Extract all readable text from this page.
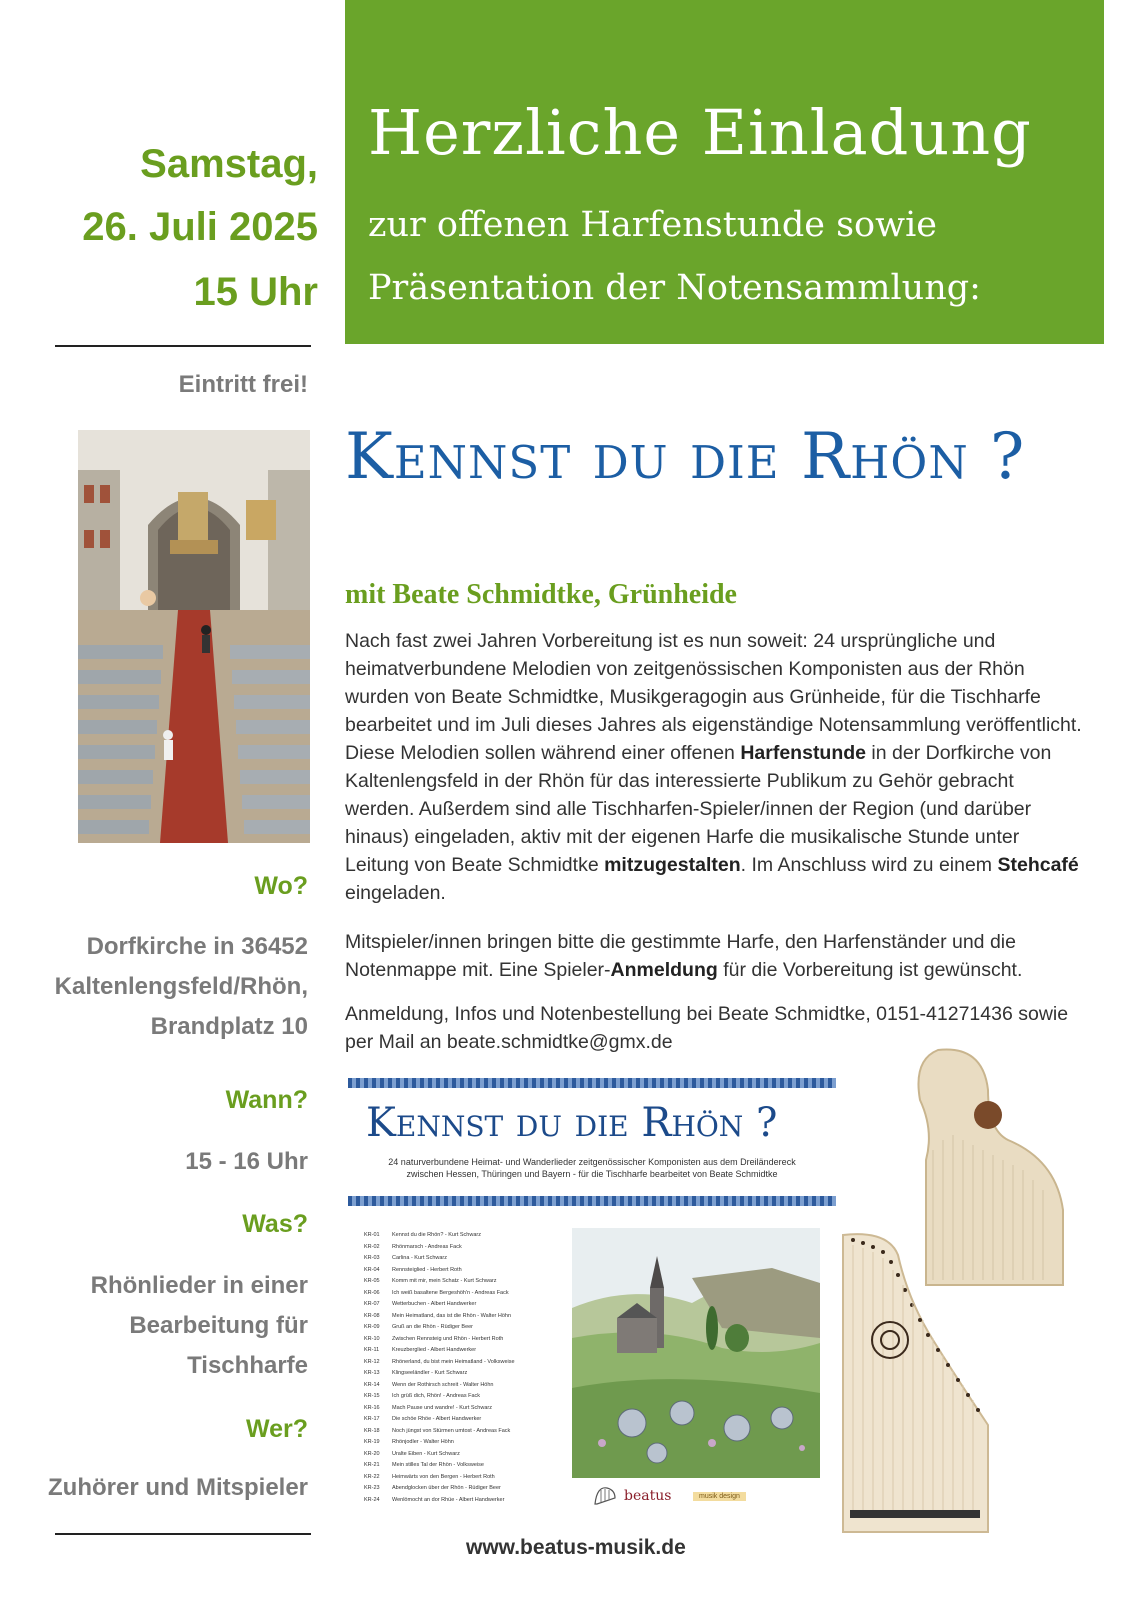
Herzliche Einladung
zur offenen Harfenstunde sowie
Präsentation der Notensammlung:
Samstag,
26. Juli 2025
15 Uhr
Eintritt frei!
Wo?
Dorfkirche in 36452
Kaltenlengsfeld/Rhön,
Brandplatz 10
Wann?
15 - 16 Uhr
Was?
Rhönlieder in einer
Bearbeitung für
Tischharfe
Wer?
Zuhörer und Mitspieler
Kennst du die Rhön ?
mit Beate Schmidtke, Grünheide
Nach fast zwei Jahren Vorbereitung ist es nun soweit: 24 ursprüngliche und heimatverbundene Melodien von zeitgenössischen Komponisten aus der Rhön wurden von Beate Schmidtke, Musikgeragogin aus Grünheide, für die Tischharfe bearbeitet und im Juli dieses Jahres als eigenständige Notensammlung veröffentlicht. Diese Melodien sollen während einer offenen Harfenstunde in der Dorfkirche von Kaltenlengsfeld in der Rhön für das interessierte Publikum zu Gehör gebracht werden. Außerdem sind alle Tischharfen-Spieler/innen der Region (und darüber hinaus) eingeladen, aktiv mit der eigenen Harfe die musikalische Stunde unter Leitung von Beate Schmidtke mitzugestalten. Im Anschluss wird zu einem Stehcafé eingeladen.
Mitspieler/innen bringen bitte die gestimmte Harfe, den Harfenständer und die Notenmappe mit. Eine Spieler-Anmeldung für die Vorbereitung ist gewünscht.
Anmeldung, Infos und Notenbestellung bei Beate Schmidtke, 0151-41271436 sowie per Mail an beate.schmidtke@gmx.de
Kennst du die Rhön ?
24 naturverbundene Heimat- und Wanderlieder zeitgenössischer Komponisten aus dem Dreiländereck
zwischen Hessen, Thüringen und Bayern - für die Tischharfe bearbeitet von Beate Schmidtke
KR-01 Kennst du die Rhön? - Kurt Schwarz
KR-02 Rhönmarsch - Andreas Fack
KR-03 Carlina - Kurt Schwarz
KR-04 Rennsteiglied - Herbert Roth
KR-05 Komm mit mir, mein Schatz - Kurt Schwarz
KR-06 Ich weiß basaltene Bergeshöh'n - Andreas Fack
KR-07 Wetterbuchen - Albert Handwerker
KR-08 Mein Heimatland, das ist die Rhön - Walter Höhn
KR-09 Gruß an die Rhön - Rüdiger Beer
KR-10 Zwischen Rennsteig und Rhön - Herbert Roth
KR-11 Kreuzberglied - Albert Handwerker
KR-12 Rhönerland, du bist mein Heimatland - Volksweise
KR-13 Klingseeländler - Kurt Schwarz
KR-14 Wenn der Rothirsch schreit - Walter Höhn
KR-15 Ich grüß dich, Rhön! - Andreas Fack
KR-16 Mach Pause und wandre! - Kurt Schwarz
KR-17 Die schöe Rhöe - Albert Handwerker
KR-18 Noch jüngst von Stürmen umtost - Andreas Fack
KR-19 Rhönjodler - Walter Höhn
KR-20 Uralte Eiben - Kurt Schwarz
KR-21 Mein stilles Tal der Rhön - Volksweise
KR-22 Heimwärts von den Bergen - Herbert Roth
KR-23 Abendglocken über der Rhön - Rüdiger Beer
KR-24 Wenlömocht an dor Rhüe - Albert Handwerker	beatus	musik design
www.beatus-musik.de
